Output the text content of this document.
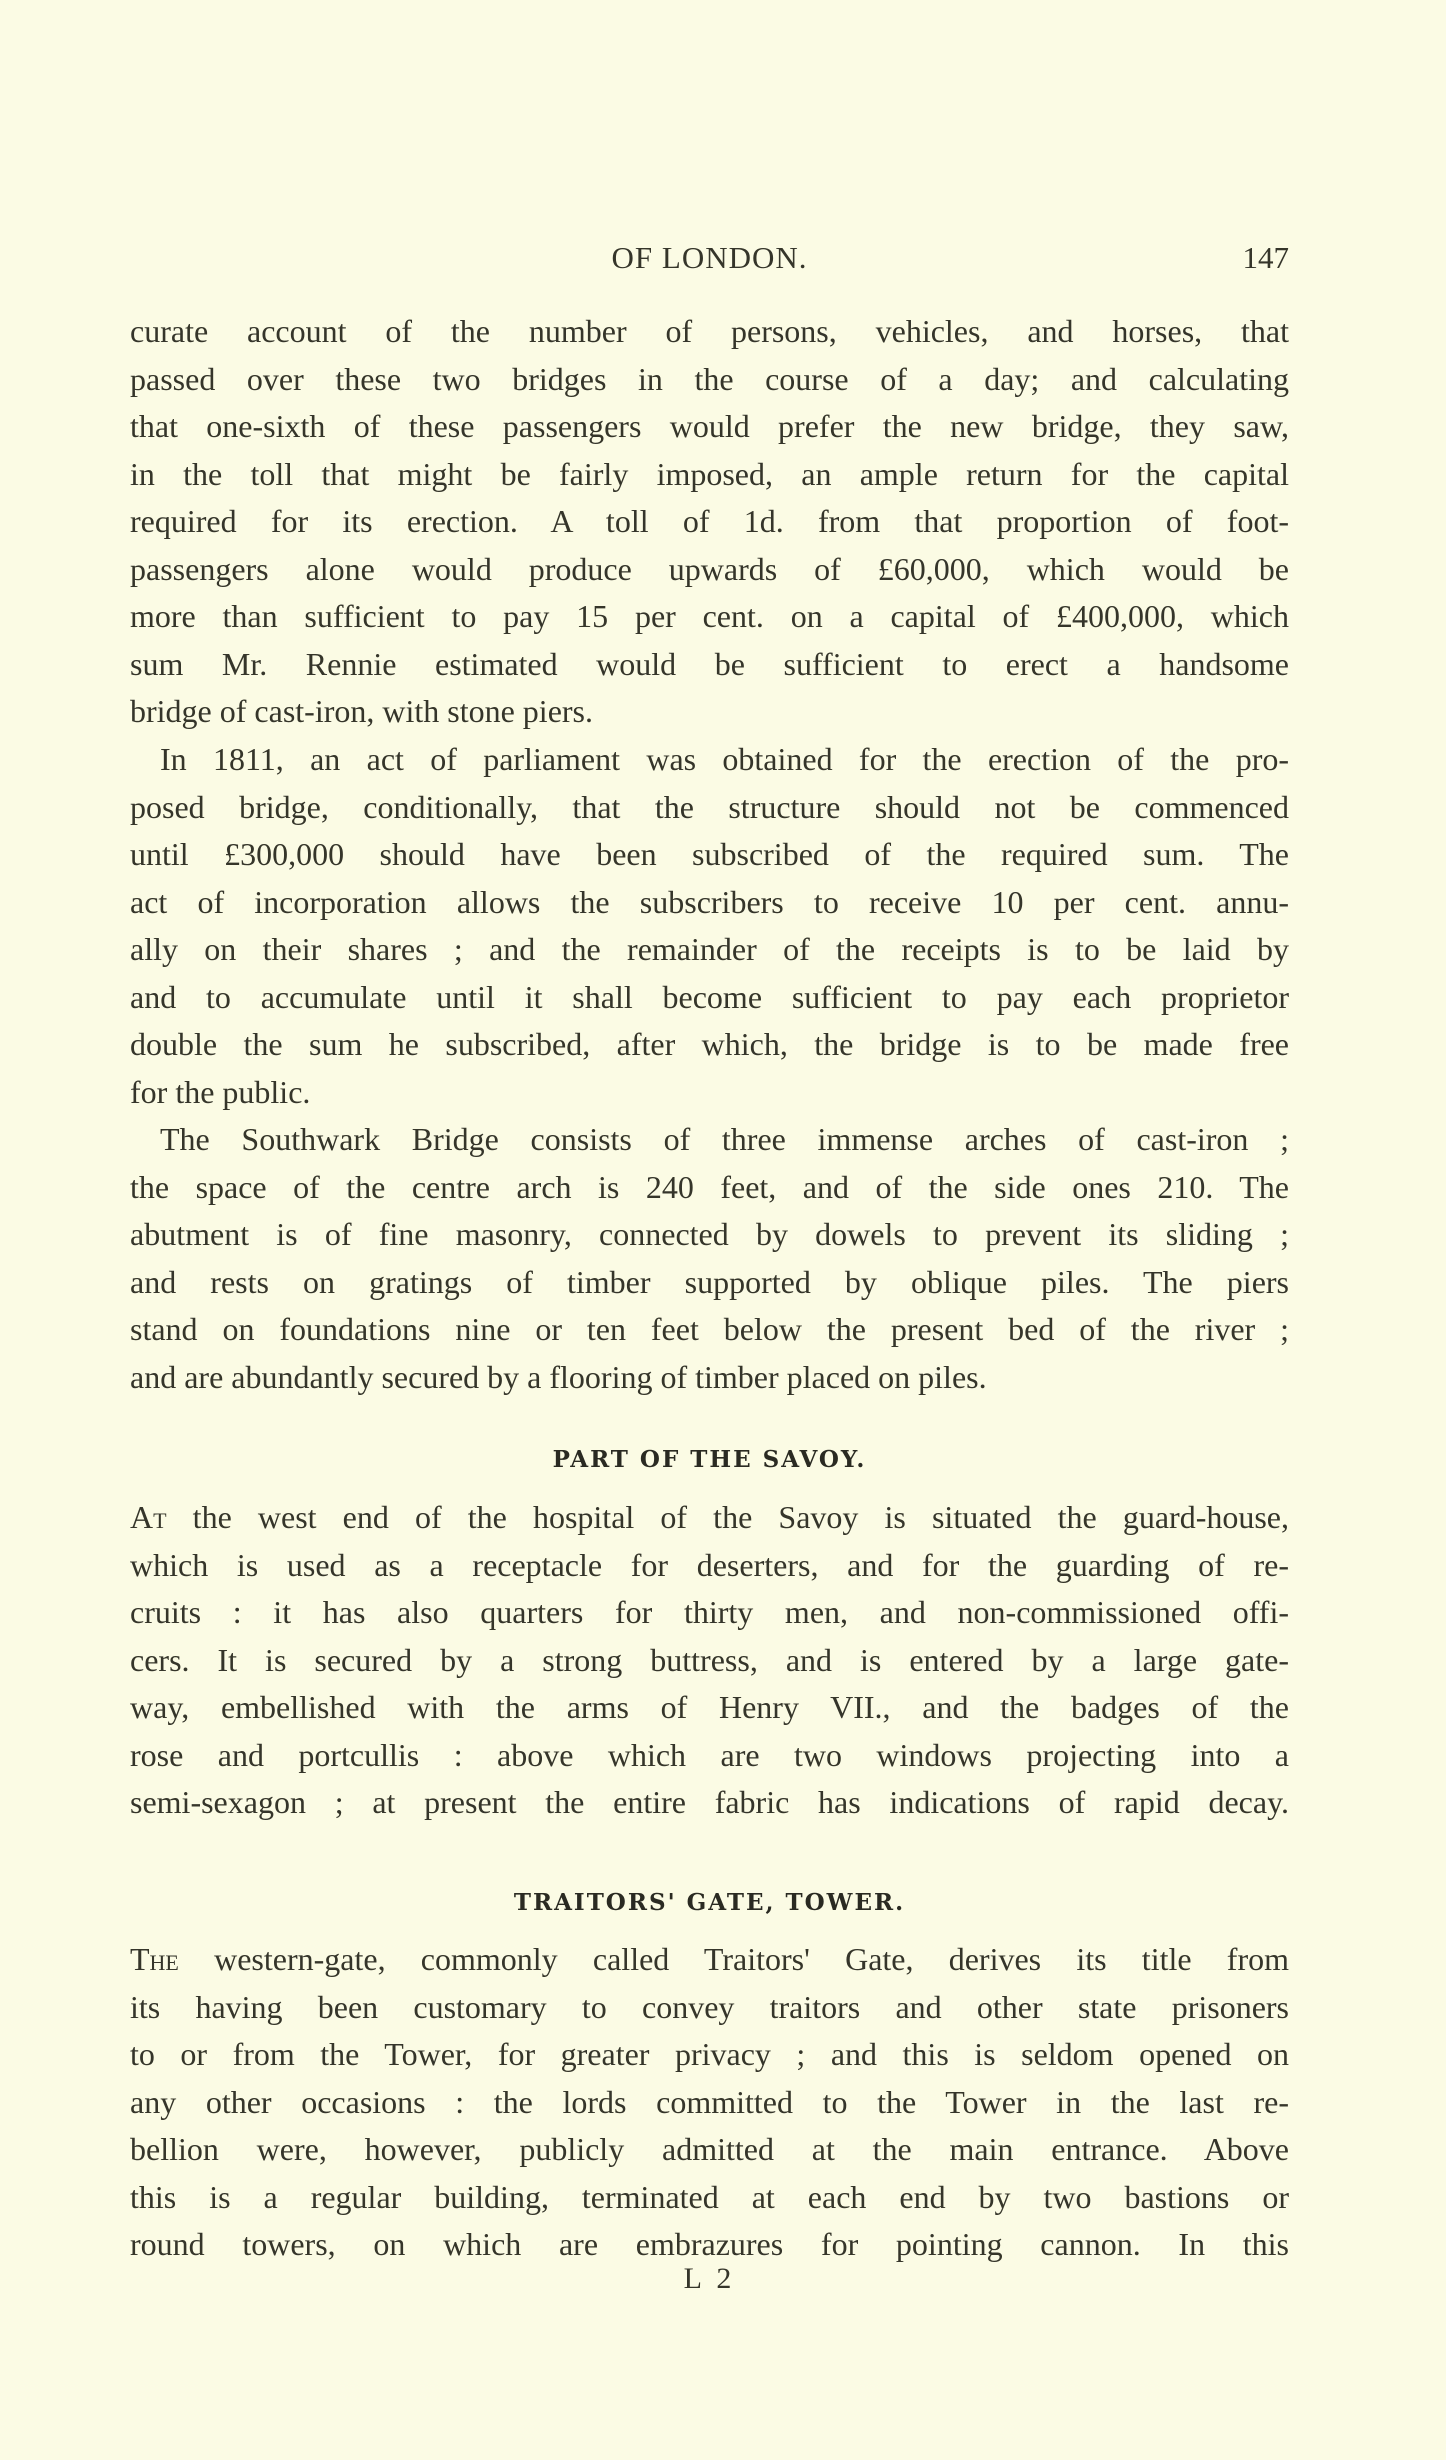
OF LONDON.	147
curate account of the number of persons, vehicles, and horses, that
passed over these two bridges in the course of a day; and calculating
that one-sixth of these passengers would prefer the new bridge, they saw,
in the toll that might be fairly imposed, an ample return for the capital
required for its erection. A toll of 1d. from that proportion of foot-
passengers alone would produce upwards of £60,000, which would be
more than sufficient to pay 15 per cent. on a capital of £400,000, which
sum Mr. Rennie estimated would be sufficient to erect a handsome
bridge of cast-iron, with stone piers.
In 1811, an act of parliament was obtained for the erection of the pro-
posed bridge, conditionally, that the structure should not be commenced
until £300,000 should have been subscribed of the required sum. The
act of incorporation allows the subscribers to receive 10 per cent. annu-
ally on their shares ; and the remainder of the receipts is to be laid by
and to accumulate until it shall become sufficient to pay each proprietor
double the sum he subscribed, after which, the bridge is to be made free
for the public.
The Southwark Bridge consists of three immense arches of cast-iron ;
the space of the centre arch is 240 feet, and of the side ones 210. The
abutment is of fine masonry, connected by dowels to prevent its sliding ;
and rests on gratings of timber supported by oblique piles. The piers
stand on foundations nine or ten feet below the present bed of the river ;
and are abundantly secured by a flooring of timber placed on piles.
PART OF THE SAVOY.
At the west end of the hospital of the Savoy is situated the guard-house,
which is used as a receptacle for deserters, and for the guarding of re-
cruits : it has also quarters for thirty men, and non-commissioned offi-
cers. It is secured by a strong buttress, and is entered by a large gate-
way, embellished with the arms of Henry VII., and the badges of the
rose and portcullis : above which are two windows projecting into a
semi-sexagon ; at present the entire fabric has indications of rapid decay.
TRAITORS' GATE, TOWER.
The western-gate, commonly called Traitors' Gate, derives its title from
its having been customary to convey traitors and other state prisoners
to or from the Tower, for greater privacy ; and this is seldom opened on
any other occasions : the lords committed to the Tower in the last re-
bellion were, however, publicly admitted at the main entrance. Above
this is a regular building, terminated at each end by two bastions or
round towers, on which are embrazures for pointing cannon. In this
L 2
